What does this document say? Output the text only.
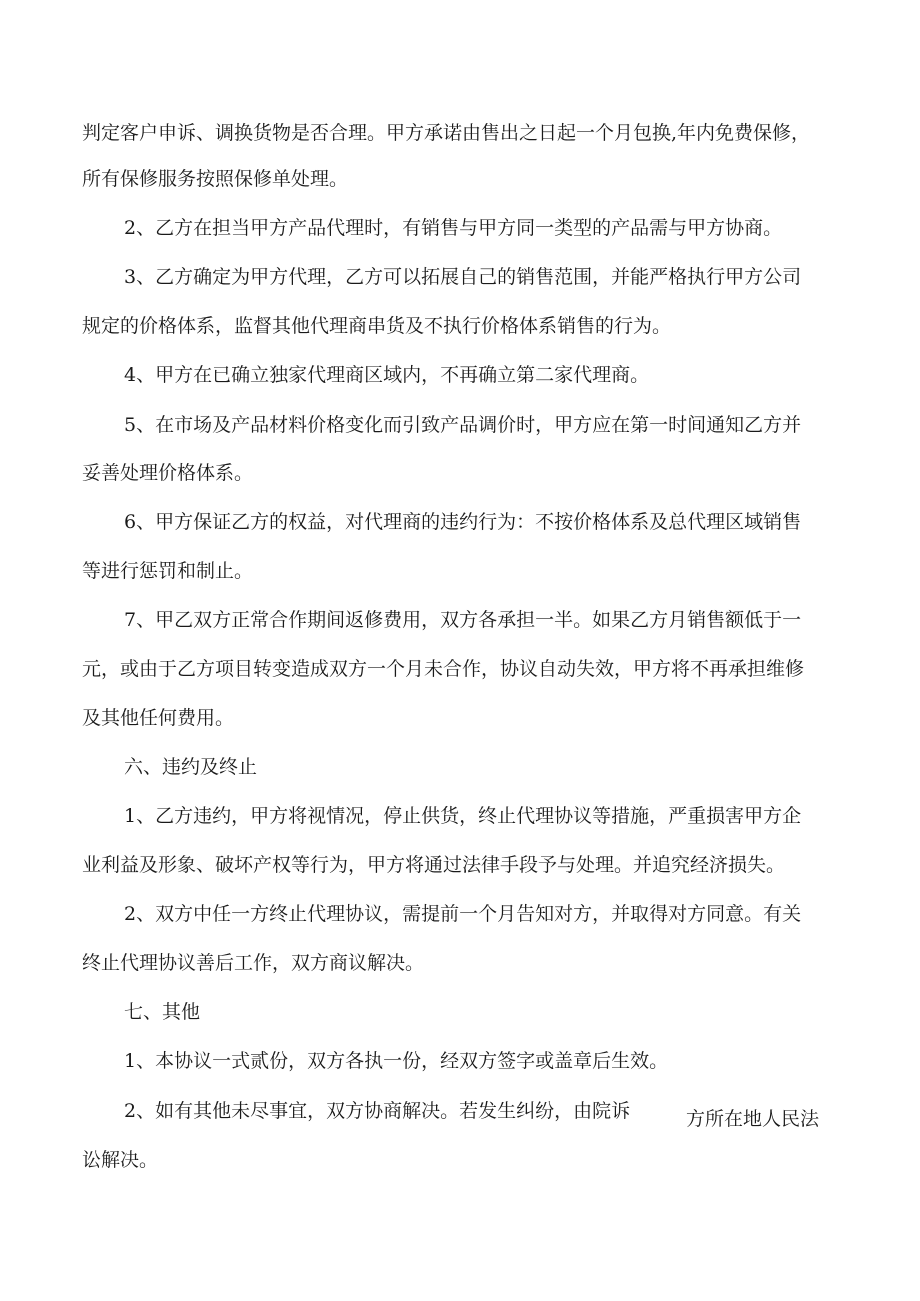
判定客户申诉、调换货物是否合理。甲方承诺由售出之日起一个月包换,年内免费保修，
所有保修服务按照保修单处理。
2、乙方在担当甲方产品代理时，有销售与甲方同一类型的产品需与甲方协商。
3、乙方确定为甲方代理，乙方可以拓展自己的销售范围，并能严格执行甲方公司
规定的价格体系，监督其他代理商串货及不执行价格体系销售的行为。
4、甲方在已确立独家代理商区域内，不再确立第二家代理商。
5、在市场及产品材料价格变化而引致产品调价时，甲方应在第一时间通知乙方并
妥善处理价格体系。
6、甲方保证乙方的权益，对代理商的违约行为：不按价格体系及总代理区域销售
等进行惩罚和制止。
7、甲乙双方正常合作期间返修费用，双方各承担一半。如果乙方月销售额低于一
元，或由于乙方项目转变造成双方一个月未合作，协议自动失效，甲方将不再承担维修
及其他任何费用。
六、违约及终止
1、乙方违约，甲方将视情况，停止供货，终止代理协议等措施，严重损害甲方企
业利益及形象、破坏产权等行为，甲方将通过法律手段予与处理。并追究经济损失。
2、双方中任一方终止代理协议，需提前一个月告知对方，并取得对方同意。有关
终止代理协议善后工作，双方商议解决。
七、其他
1、本协议一式贰份，双方各执一份，经双方签字或盖章后生效。
2、如有其他未尽事宜，双方协商解决。若发生纠纷，由院诉	方所在地人民法
讼解决。
